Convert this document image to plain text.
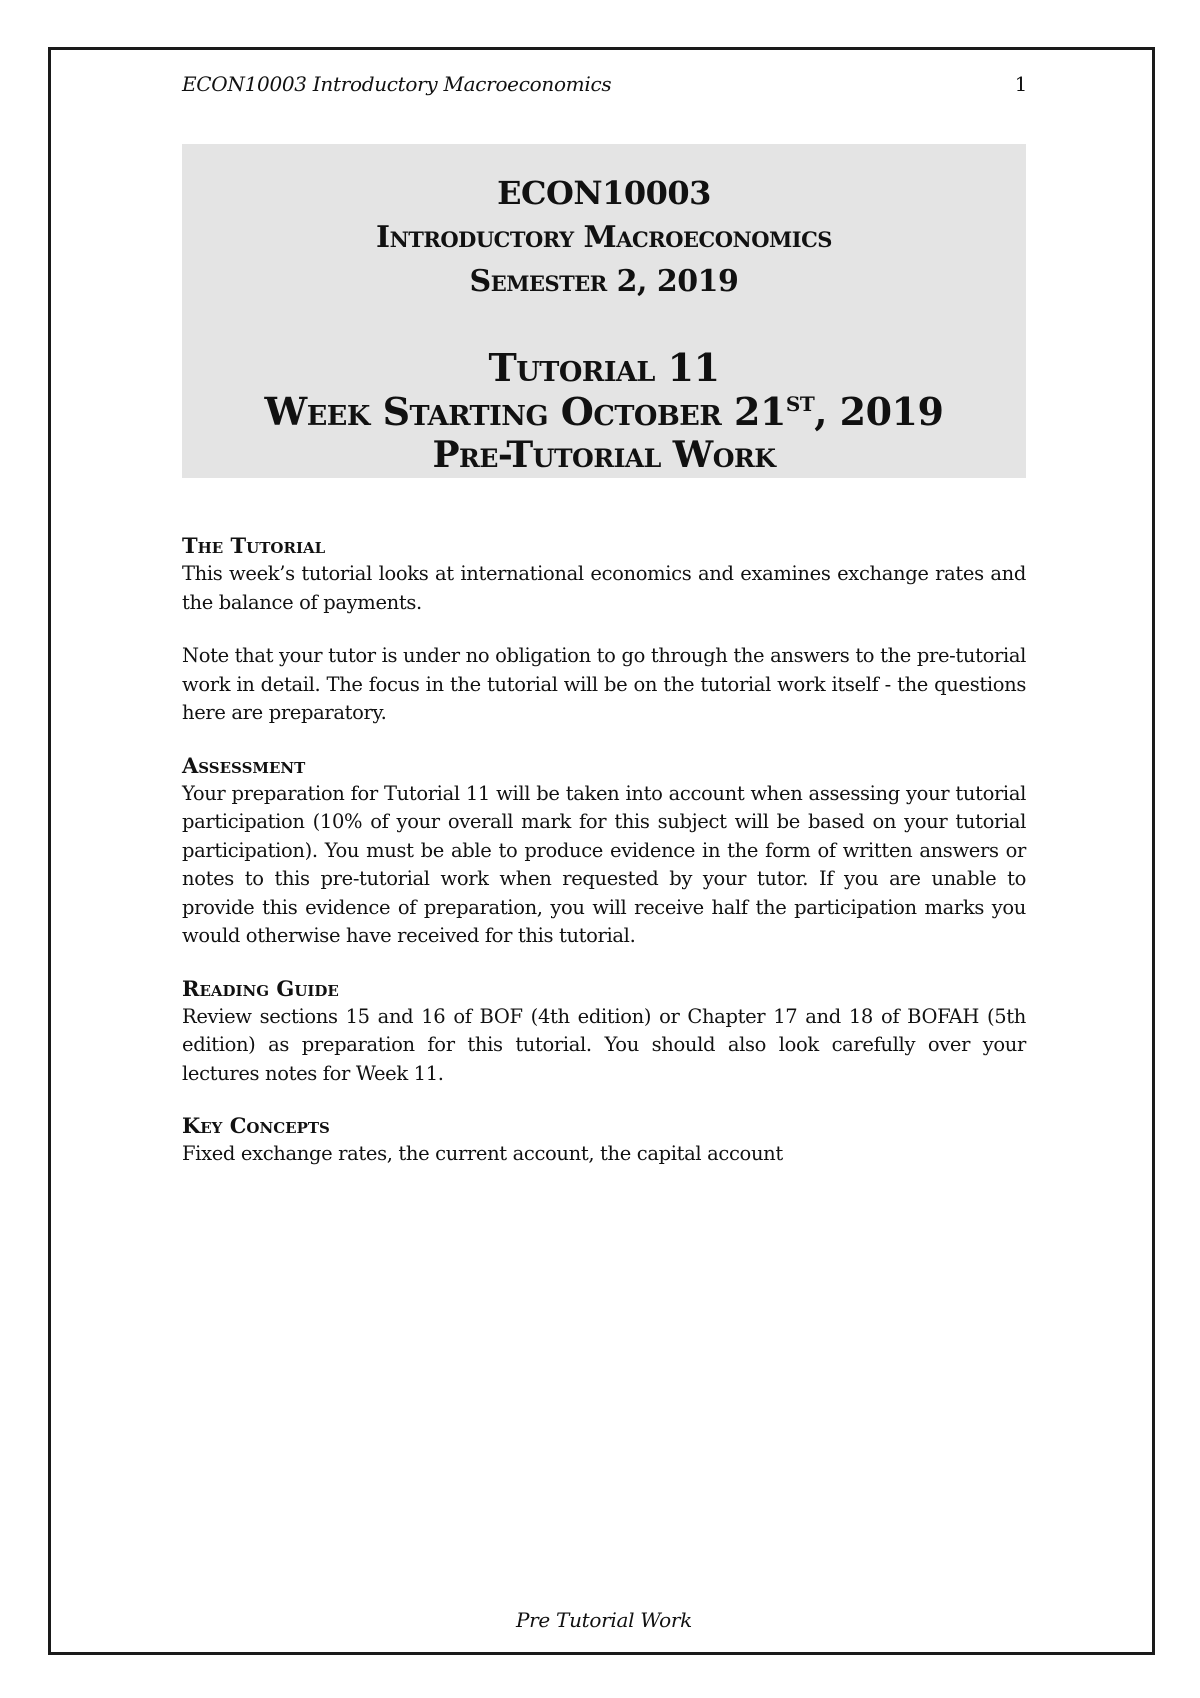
ECON10003 Introductory Macroeconomics	1
ECON10003
Introductory Macroeconomics
Semester 2, 2019
Tutorial 11
Week Starting October 21ST, 2019
Pre-Tutorial Work
The Tutorial

This week’s tutorial looks at international economics and examines exchange rates and the balance of payments.

Note that your tutor is under no obligation to go through the answers to the pre-tutorial work in detail. The focus in the tutorial will be on the tutorial work itself - the questions here are preparatory.

Assessment

Your preparation for Tutorial 11 will be taken into account when assessing your tutorial participation (10% of your overall mark for this subject will be based on your tutorial participation). You must be able to produce evidence in the form of written answers or notes to this pre-tutorial work when requested by your tutor. If you are unable to provide this evidence of preparation, you will receive half the participation marks you would otherwise have received for this tutorial.

Reading Guide

Review sections 15 and 16 of BOF (4th edition) or Chapter 17 and 18 of BOFAH (5th edition) as preparation for this tutorial. You should also look carefully over your lectures notes for Week 11.

Key Concepts

Fixed exchange rates, the current account, the capital account

Pre Tutorial Work
